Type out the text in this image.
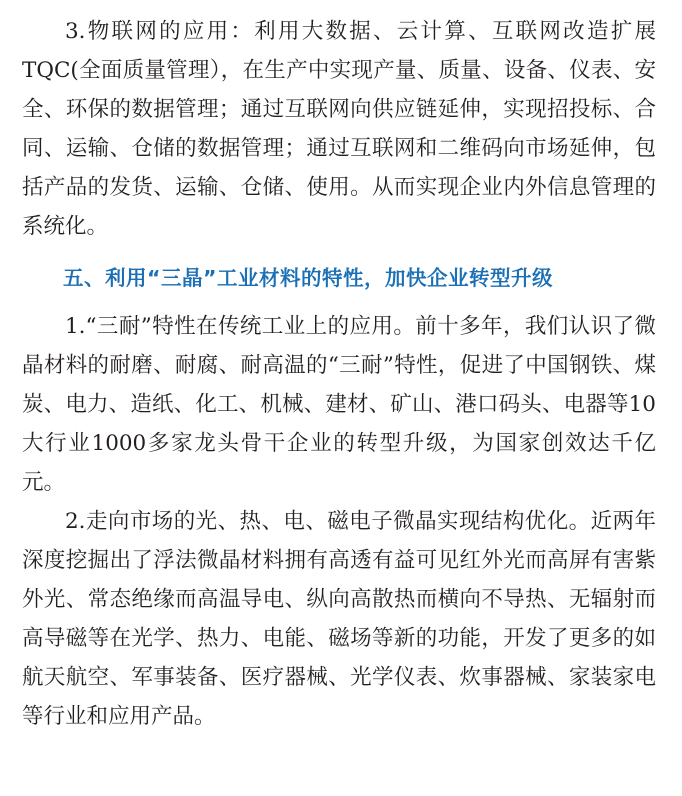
3.物联网的应用：利用大数据、云计算、互联网改造扩展TQC(全面质量管理），在生产中实现产量、质量、设备、仪表、安全、环保的数据管理；通过互联网向供应链延伸，实现招投标、合同、运输、仓储的数据管理；通过互联网和二维码向市场延伸，包括产品的发货、运输、仓储、使用。从而实现企业内外信息管理的系统化。

五、利用“三晶”工业材料的特性，加快企业转型升级

1.“三耐”特性在传统工业上的应用。前十多年，我们认识了微晶材料的耐磨、耐腐、耐高温的“三耐”特性，促进了中国钢铁、煤炭、电力、造纸、化工、机械、建材、矿山、港口码头、电器等10大行业1000多家龙头骨干企业的转型升级，为国家创效达千亿元。

2.走向市场的光、热、电、磁电子微晶实现结构优化。近两年深度挖掘出了浮法微晶材料拥有高透有益可见红外光而高屏有害紫外光、常态绝缘而高温导电、纵向高散热而横向不导热、无辐射而高导磁等在光学、热力、电能、磁场等新的功能，开发了更多的如航天航空、军事装备、医疗器械、光学仪表、炊事器械、家装家电等行业和应用产品。
